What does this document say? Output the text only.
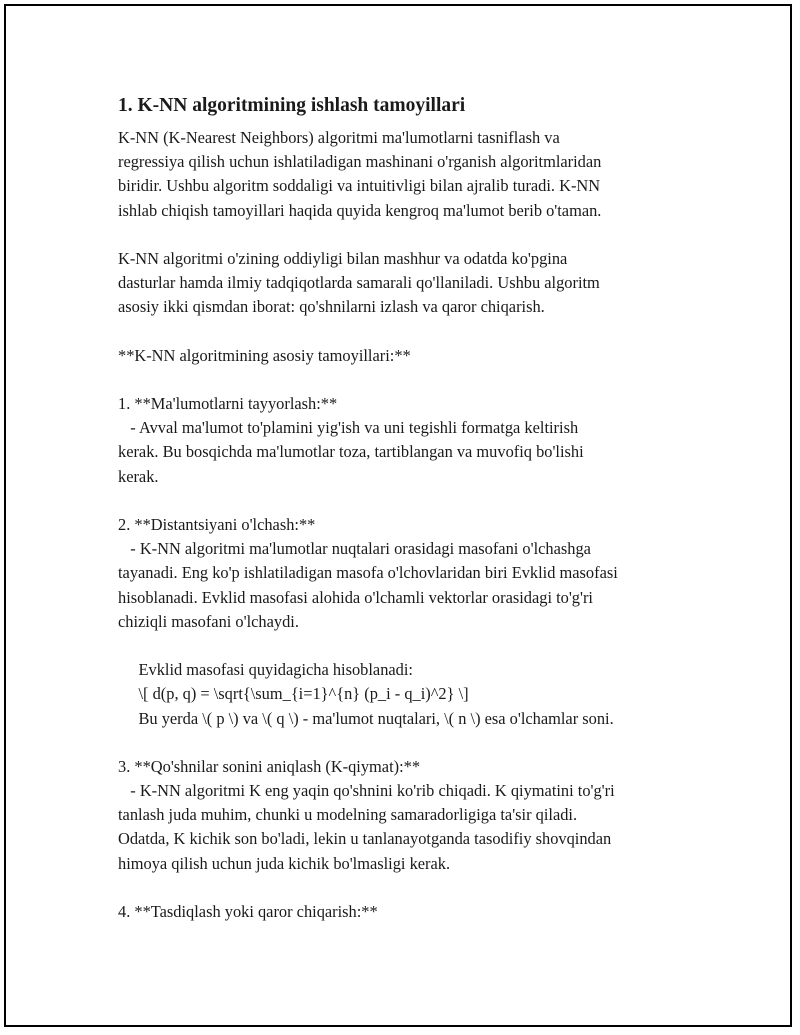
1. K-NN algoritmining ishlash tamoyillari
K-NN (K-Nearest Neighbors) algoritmi ma'lumotlarni tasniflash va
regressiya qilish uchun ishlatiladigan mashinani o'rganish algoritmlaridan
biridir. Ushbu algoritm soddaligi va intuitivligi bilan ajralib turadi. K-NN
ishlab chiqish tamoyillari haqida quyida kengroq ma'lumot berib o'taman.
K-NN algoritmi o'zining oddiyligi bilan mashhur va odatda ko'pgina
dasturlar hamda ilmiy tadqiqotlarda samarali qo'llaniladi. Ushbu algoritm
asosiy ikki qismdan iborat: qo'shnilarni izlash va qaror chiqarish.
**K-NN algoritmining asosiy tamoyillari:**
1. **Ma'lumotlarni tayyorlash:**
- Avval ma'lumot to'plamini yig'ish va uni tegishli formatga keltirish
kerak. Bu bosqichda ma'lumotlar toza, tartiblangan va muvofiq bo'lishi
kerak.
2. **Distantsiyani o'lchash:**
- K-NN algoritmi ma'lumotlar nuqtalari orasidagi masofani o'lchashga
tayanadi. Eng ko'p ishlatiladigan masofa o'lchovlaridan biri Evklid masofasi
hisoblanadi. Evklid masofasi alohida o'lchamli vektorlar orasidagi to'g'ri
chiziqli masofani o'lchaydi.
Evklid masofasi quyidagicha hisoblanadi:
\[ d(p, q) = \sqrt{\sum_{i=1}^{n} (p_i - q_i)^2} \]
Bu yerda \( p \) va \( q \) - ma'lumot nuqtalari, \( n \) esa o'lchamlar soni.
3. **Qo'shnilar sonini aniqlash (K-qiymat):**
- K-NN algoritmi K eng yaqin qo'shnini ko'rib chiqadi. K qiymatini to'g'ri
tanlash juda muhim, chunki u modelning samaradorligiga ta'sir qiladi.
Odatda, K kichik son bo'ladi, lekin u tanlanayotganda tasodifiy shovqindan
himoya qilish uchun juda kichik bo'lmasligi kerak.
4. **Tasdiqlash yoki qaror chiqarish:**
